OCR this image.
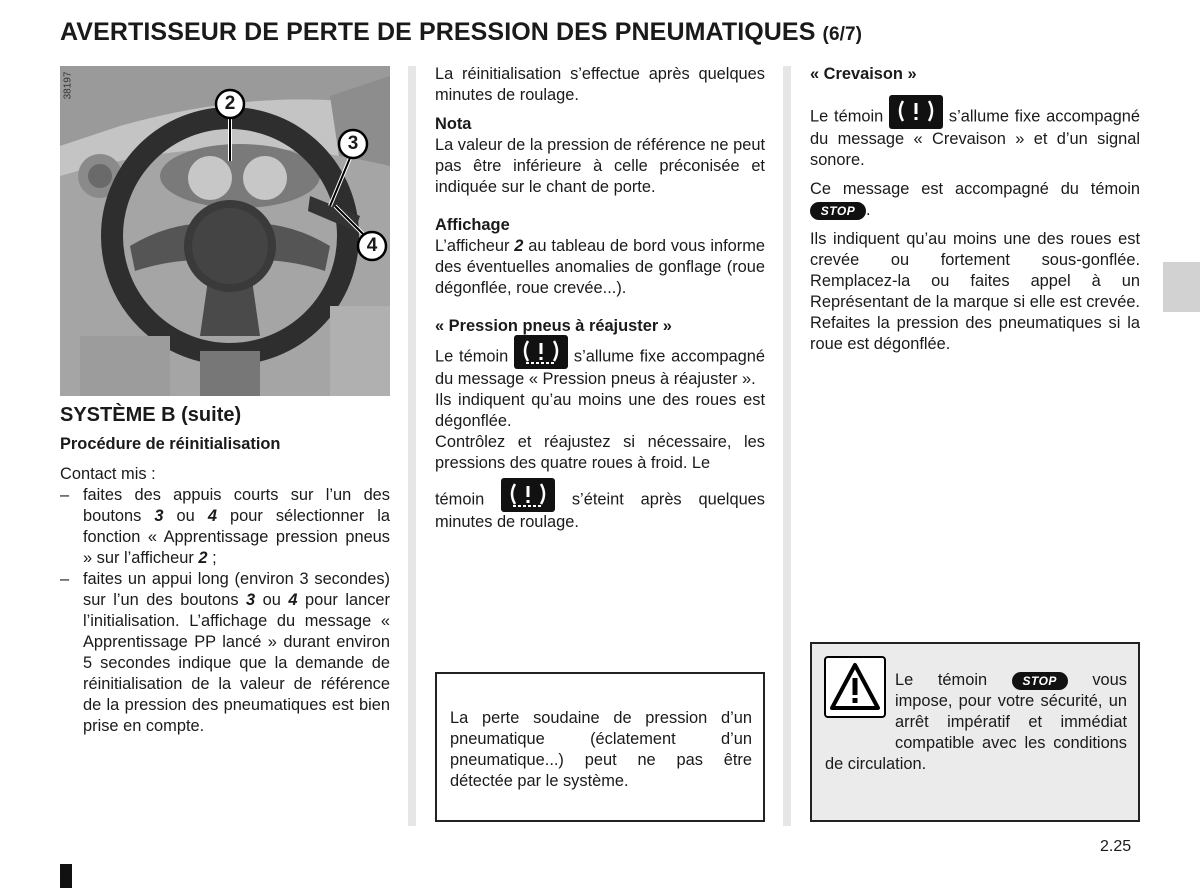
AVERTISSEUR DE PERTE DE PRESSION DES PNEUMATIQUES (6/7)
2
3
4
38197

SYSTÈME B (suite)

Procédure de réinitialisation

Contact mis :

– faites des appuis courts sur l’un des boutons 3 ou 4 pour sélectionner la fonction « Apprentissage pression pneus » sur l’afficheur 2 ;
– faites un appui long (environ 3 secondes) sur l’un des boutons 3 ou 4 pour lancer l’initialisation. L’affichage du message « Apprentissage PP lancé » durant environ 5 secondes indique que la demande de réinitialisation de la valeur de référence de la pression des pneumatiques est bien prise en compte.

La réinitialisation s’effectue après quelques minutes de roulage.

Nota

La valeur de la pression de référence ne peut pas être inférieure à celle préconisée et indiquée sur le chant de porte.

Affichage

L’afficheur 2 au tableau de bord vous informe des éventuelles anomalies de gonflage (roue dégonflée, roue crevée...).

« Pression pneus à réajuster »

Le témoin	s’allume fixe accompagné du message « Pression pneus à réajuster ».

Ils indiquent qu’au moins une des roues est dégonflée.

Contrôlez et réajustez si nécessaire, les pressions des quatre roues à froid. Le

témoin	s’éteint après quelques minutes de roulage.

La perte soudaine de pression d’un pneumatique (éclatement d’un pneumatique...) peut ne pas être détectée par le système.

« Crevaison »

Le témoin	s’allume fixe accompagné du message « Crevaison » et d’un signal sonore.

Ce message est accompagné du témoin STOP .

Ils indiquent qu’au moins une des roues est crevée ou fortement sous-gonflée. Remplacez-la ou faites appel à un Représentant de la marque si elle est crevée. Refaites la pression des pneumatiques si la roue est dégonflée.

Le témoin STOP vous impose, pour votre sécurité, un arrêt impératif et immédiat compatible avec les conditions de circulation.

2.25
